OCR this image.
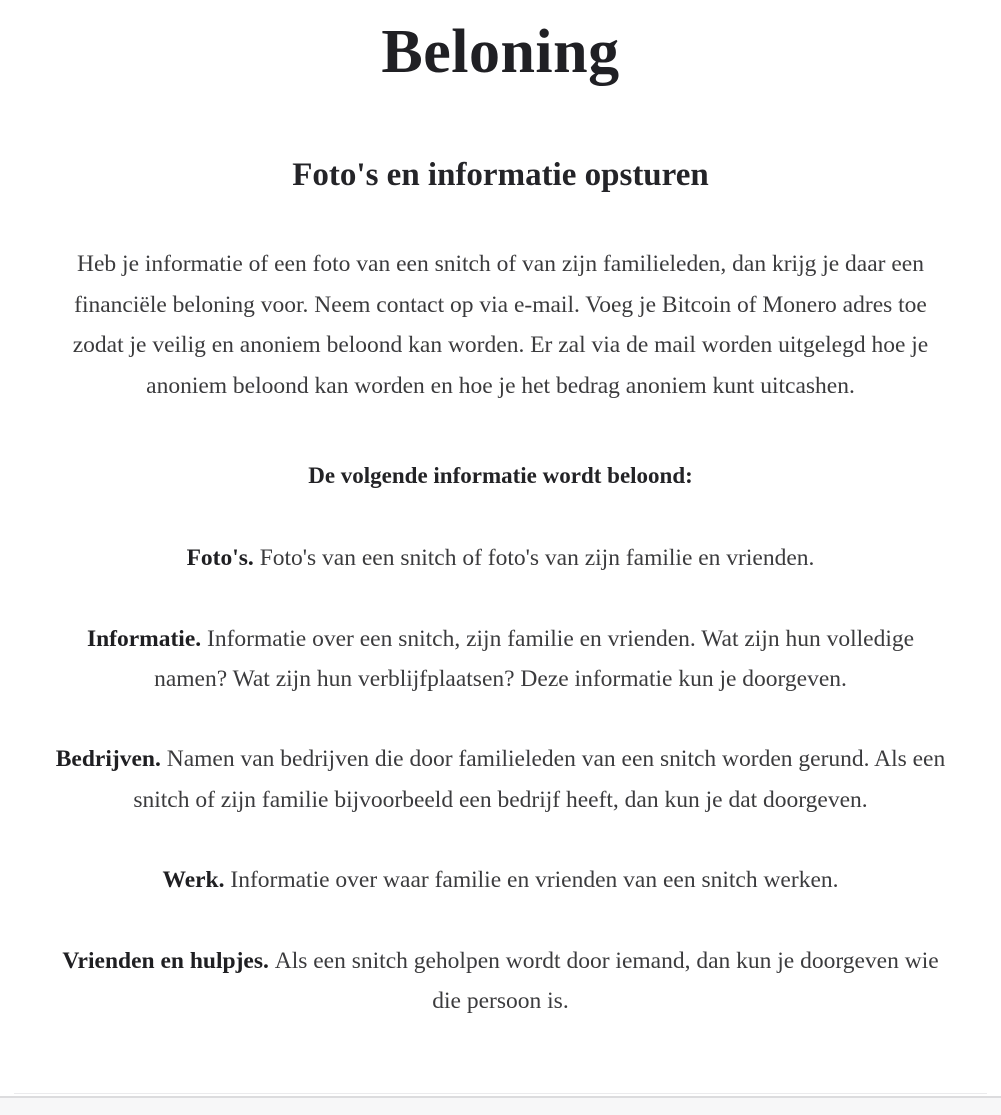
Beloning
Foto's en informatie opsturen

Heb je informatie of een foto van een snitch of van zijn familieleden, dan krijg je daar een financiële beloning voor. Neem contact op via e-mail. Voeg je Bitcoin of Monero adres toe zodat je veilig en anoniem beloond kan worden. Er zal via de mail worden uitgelegd hoe je anoniem beloond kan worden en hoe je het bedrag anoniem kunt uitcashen.

De volgende informatie wordt beloond:

Foto's. Foto's van een snitch of foto's van zijn familie en vrienden.
Informatie. Informatie over een snitch, zijn familie en vrienden. Wat zijn hun volledige namen? Wat zijn hun verblijfplaatsen? Deze informatie kun je doorgeven.
Bedrijven. Namen van bedrijven die door familieleden van een snitch worden gerund. Als een snitch of zijn familie bijvoorbeeld een bedrijf heeft, dan kun je dat doorgeven.
Werk. Informatie over waar familie en vrienden van een snitch werken.
Vrienden en hulpjes. Als een snitch geholpen wordt door iemand, dan kun je doorgeven wie die persoon is.
